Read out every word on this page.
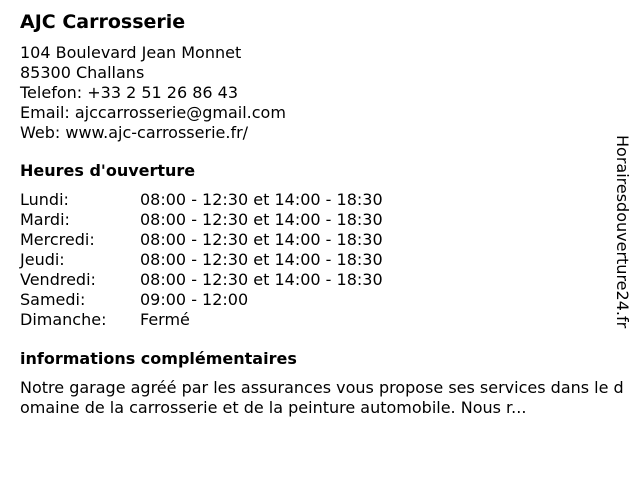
AJC Carrosserie
104 Boulevard Jean Monnet
85300 Challans
Telefon: +33 2 51 26 86 43
Email: ajccarrosserie@gmail.com
Web: www.ajc-carrosserie.fr/
Heures d'ouverture
Lundi:	08:00 - 12:30 et 14:00 - 18:30
Mardi:	08:00 - 12:30 et 14:00 - 18:30
Mercredi:	08:00 - 12:30 et 14:00 - 18:30
Jeudi:	08:00 - 12:30 et 14:00 - 18:30
Vendredi:	08:00 - 12:30 et 14:00 - 18:30
Samedi:	09:00 - 12:00
Dimanche:	Fermé
informations complémentaires
Notre garage agréé par les assurances vous propose ses services dans le domaine de la carrosserie et de la peinture automobile. Nous r...
Horairesdouverture24.fr
